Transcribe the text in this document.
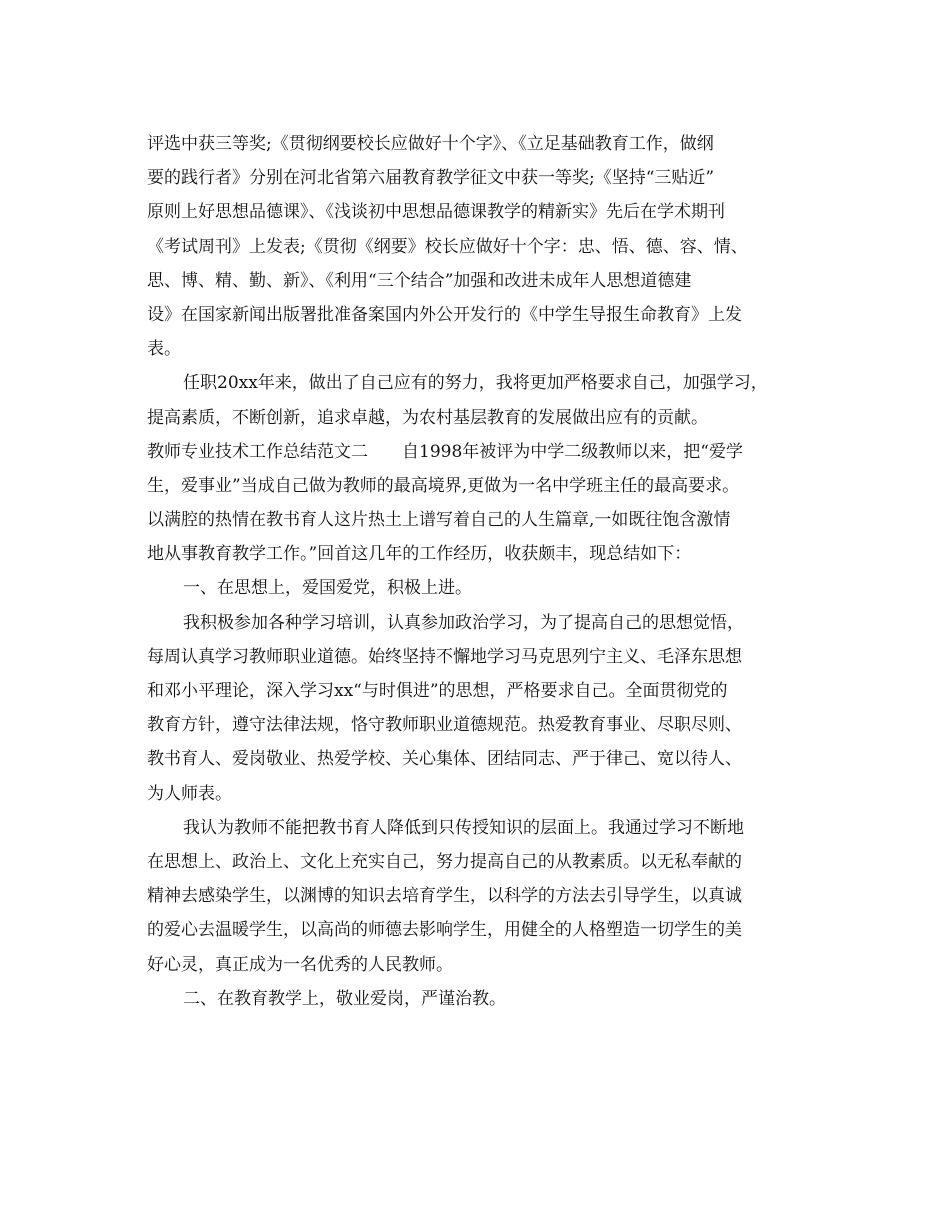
评选中获三等奖;《贯彻纲要校长应做好十个字》、《立足基础教育工作，做纲

要的践行者》分别在河北省第六届教育教学征文中获一等奖;《坚持“三贴近”

原则上好思想品德课》、《浅谈初中思想品德课教学的精新实》先后在学术期刊

《考试周刊》上发表;《贯彻《纲要》校长应做好十个字：忠、悟、德、容、情、

思、博、精、勤、新》、《利用“三个结合”加强和改进未成年人思想道德建

设》在国家新闻出版署批准备案国内外公开发行的《中学生导报生命教育》上发

表。

任职20xx年来，做出了自己应有的努力，我将更加严格要求自己，加强学习，

提高素质，不断创新，追求卓越，为农村基层教育的发展做出应有的贡献。

教师专业技术工作总结范文二　　自1998年被评为中学二级教师以来，把“爱学

生，爱事业”当成自己做为教师的最高境界,更做为一名中学班主任的最高要求。

以满腔的热情在教书育人这片热土上谱写着自己的人生篇章,一如既往饱含激情

地从事教育教学工作。”回首这几年的工作经历，收获颇丰，现总结如下：

一、在思想上，爱国爱党，积极上进。

我积极参加各种学习培训，认真参加政治学习，为了提高自己的思想觉悟，

每周认真学习教师职业道德。始终坚持不懈地学习马克思列宁主义、毛泽东思想

和邓小平理论，深入学习xx“与时俱进”的思想，严格要求自己。全面贯彻党的

教育方针，遵守法律法规，恪守教师职业道德规范。热爱教育事业、尽职尽则、

教书育人、爱岗敬业、热爱学校、关心集体、团结同志、严于律己、宽以待人、

为人师表。

我认为教师不能把教书育人降低到只传授知识的层面上。我通过学习不断地

在思想上、政治上、文化上充实自己，努力提高自己的从教素质。以无私奉献的

精神去感染学生，以渊博的知识去培育学生，以科学的方法去引导学生，以真诚

的爱心去温暖学生，以高尚的师德去影响学生，用健全的人格塑造一切学生的美

好心灵，真正成为一名优秀的人民教师。

二、在教育教学上，敬业爱岗，严谨治教。
